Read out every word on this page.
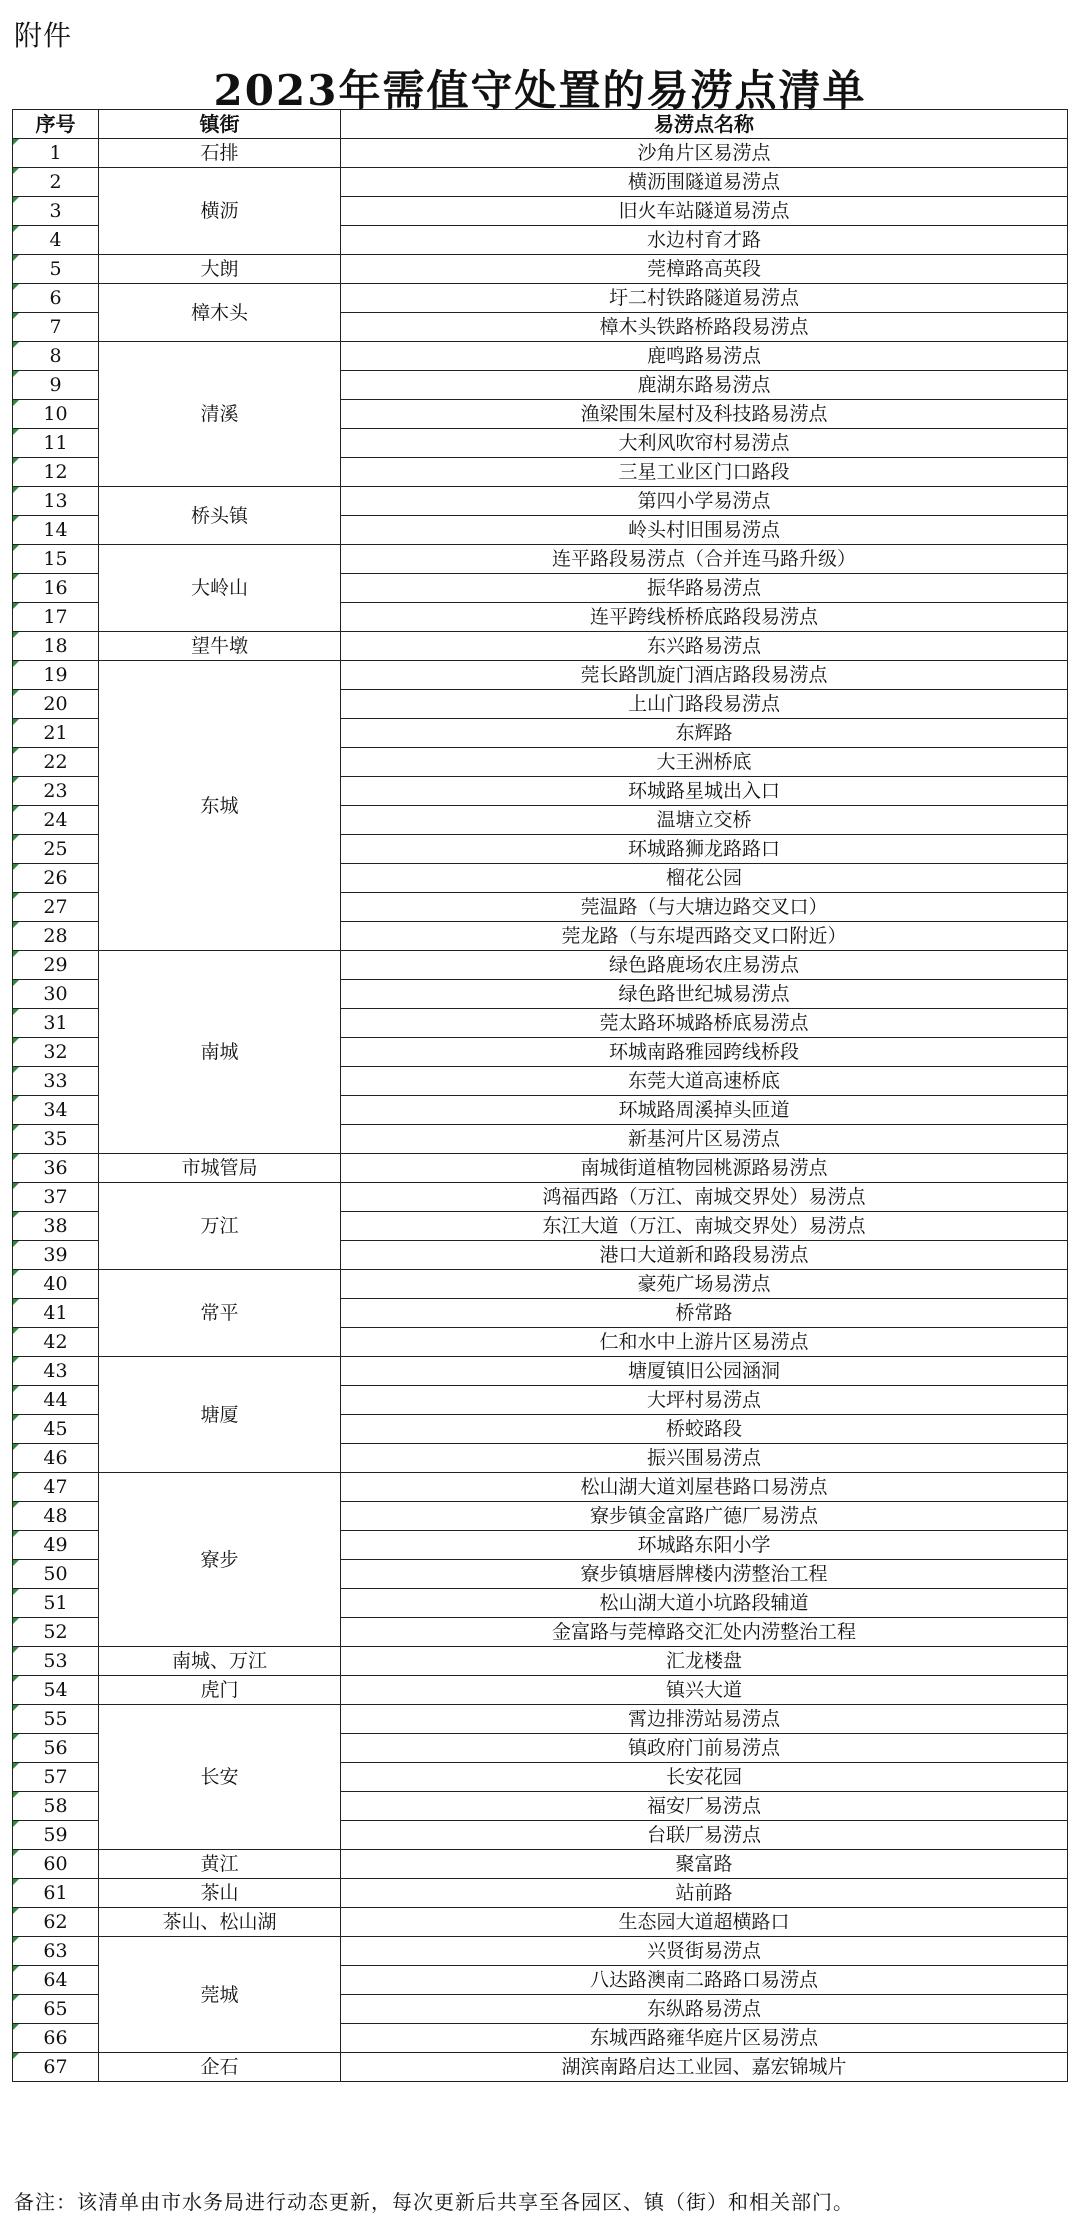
附件
2023年需值守处置的易涝点清单
序号	镇街	易涝点名称
1	石排	沙角片区易涝点
2	横沥	横沥围隧道易涝点
3		旧火车站隧道易涝点
4		水边村育才路
5	大朗	莞樟路高英段
6	樟木头	圩二村铁路隧道易涝点
7		樟木头铁路桥路段易涝点
8	清溪	鹿鸣路易涝点
9		鹿湖东路易涝点
10		渔梁围朱屋村及科技路易涝点
11		大利风吹帘村易涝点
12		三星工业区门口路段
13	桥头镇	第四小学易涝点
14		岭头村旧围易涝点
15	大岭山	连平路段易涝点（合并连马路升级）
16		振华路易涝点
17		连平跨线桥桥底路段易涝点
18	望牛墩	东兴路易涝点
19	东城	莞长路凯旋门酒店路段易涝点
20		上山门路段易涝点
21		东辉路
22		大王洲桥底
23		环城路星城出入口
24		温塘立交桥
25		环城路狮龙路路口
26		榴花公园
27		莞温路（与大塘边路交叉口）
28		莞龙路（与东堤西路交叉口附近）
29	南城	绿色路鹿场农庄易涝点
30		绿色路世纪城易涝点
31		莞太路环城路桥底易涝点
32		环城南路雅园跨线桥段
33		东莞大道高速桥底
34		环城路周溪掉头匝道
35		新基河片区易涝点
36	市城管局	南城街道植物园桃源路易涝点
37	万江	鸿福西路（万江、南城交界处）易涝点
38		东江大道（万江、南城交界处）易涝点
39		港口大道新和路段易涝点
40	常平	豪苑广场易涝点
41		桥常路
42		仁和水中上游片区易涝点
43	塘厦	塘厦镇旧公园涵洞
44		大坪村易涝点
45		桥蛟路段
46		振兴围易涝点
47	寮步	松山湖大道刘屋巷路口易涝点
48		寮步镇金富路广德厂易涝点
49		环城路东阳小学
50		寮步镇塘唇牌楼内涝整治工程
51		松山湖大道小坑路段辅道
52		金富路与莞樟路交汇处内涝整治工程
53	南城、万江	汇龙楼盘
54	虎门	镇兴大道
55	长安	霄边排涝站易涝点
56		镇政府门前易涝点
57		长安花园
58		福安厂易涝点
59		台联厂易涝点
60	黄江	聚富路
61	茶山	站前路
62	茶山、松山湖	生态园大道超横路口
63	莞城	兴贤街易涝点
64		八达路澳南二路路口易涝点
65		东纵路易涝点
66		东城西路雍华庭片区易涝点
67	企石	湖滨南路启达工业园、嘉宏锦城片
备注：该清单由市水务局进行动态更新，每次更新后共享至各园区、镇（街）和相关部门。
